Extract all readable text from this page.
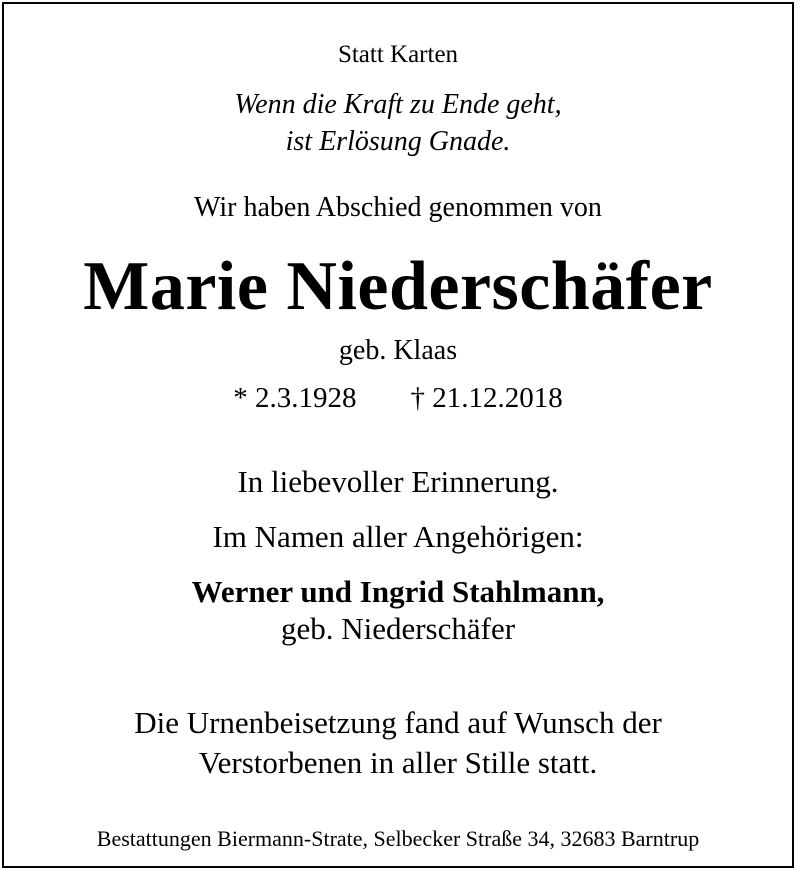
Statt Karten
Wenn die Kraft zu Ende geht,
ist Erlösung Gnade.
Wir haben Abschied genommen von
Marie Niederschäfer
geb. Klaas
* 2.3.1928 † 21.12.2018
In liebevoller Erinnerung.
Im Namen aller Angehörigen:
Werner und Ingrid Stahlmann,
geb. Niederschäfer
Die Urnenbeisetzung fand auf Wunsch der
Verstorbenen in aller Stille statt.
Bestattungen Biermann-Strate, Selbecker Straße 34, 32683 Barntrup
